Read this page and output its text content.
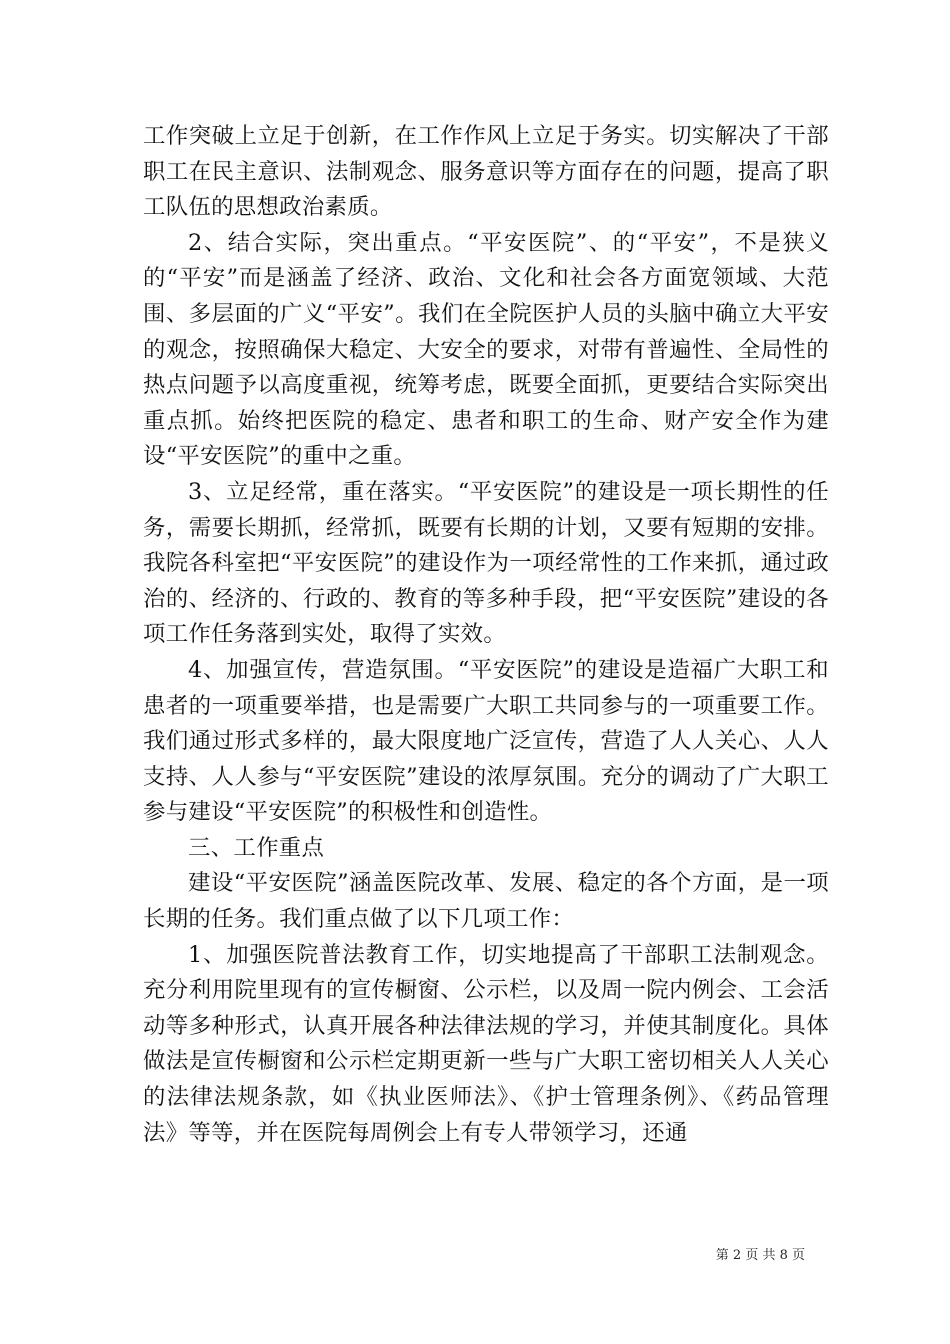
工作突破上立足于创新，在工作作风上立足于务实。切实解决了干部职工在民主意识、法制观念、服务意识等方面存在的问题，提高了职工队伍的思想政治素质。

2、结合实际，突出重点。“平安医院”、的“平安”，不是狭义的“平安”而是涵盖了经济、政治、文化和社会各方面宽领域、大范围、多层面的广义“平安”。我们在全院医护人员的头脑中确立大平安的观念，按照确保大稳定、大安全的要求，对带有普遍性、全局性的热点问题予以高度重视，统筹考虑，既要全面抓，更要结合实际突出重点抓。始终把医院的稳定、患者和职工的生命、财产安全作为建设“平安医院”的重中之重。

3、立足经常，重在落实。“平安医院”的建设是一项长期性的任务，需要长期抓，经常抓，既要有长期的计划，又要有短期的安排。我院各科室把“平安医院”的建设作为一项经常性的工作来抓，通过政治的、经济的、行政的、教育的等多种手段，把“平安医院”建设的各项工作任务落到实处，取得了实效。

4、加强宣传，营造氛围。“平安医院”的建设是造福广大职工和患者的一项重要举措，也是需要广大职工共同参与的一项重要工作。我们通过形式多样的，最大限度地广泛宣传，营造了人人关心、人人支持、人人参与“平安医院”建设的浓厚氛围。充分的调动了广大职工参与建设“平安医院”的积极性和创造性。

三、工作重点

建设“平安医院”涵盖医院改革、发展、稳定的各个方面，是一项长期的任务。我们重点做了以下几项工作：

1、加强医院普法教育工作，切实地提高了干部职工法制观念。充分利用院里现有的宣传橱窗、公示栏，以及周一院内例会、工会活动等多种形式，认真开展各种法律法规的学习，并使其制度化。具体做法是宣传橱窗和公示栏定期更新一些与广大职工密切相关人人关心的法律法规条款，如《执业医师法》、《护士管理条例》、《药品管理法》等等，并在医院每周例会上有专人带领学习，还通

第 2 页 共 8 页
